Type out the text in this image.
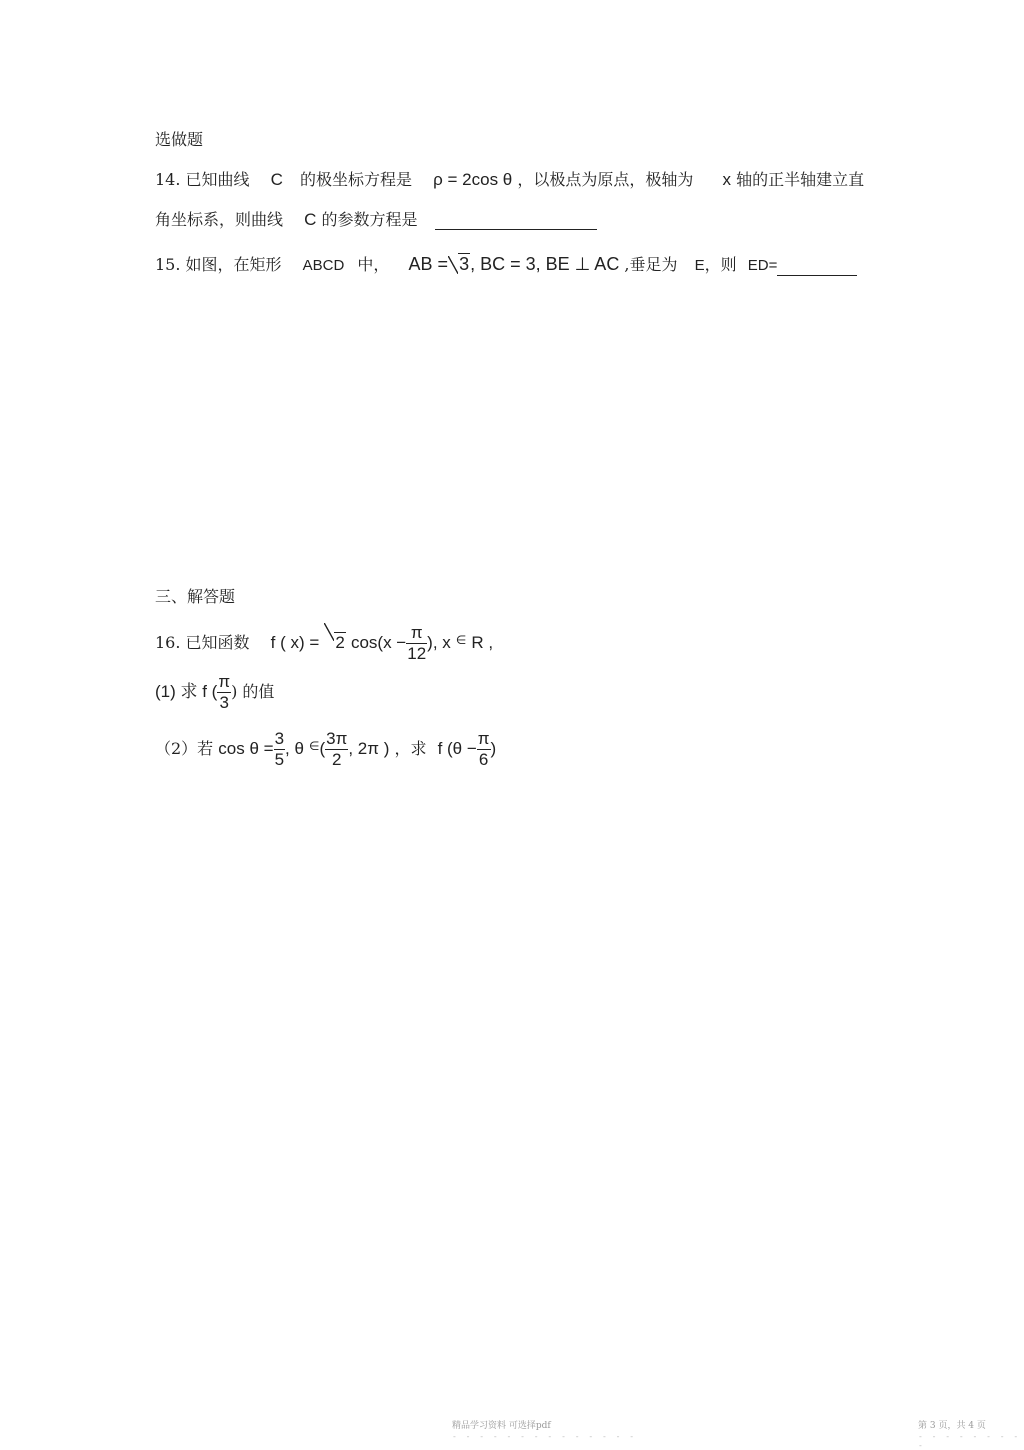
选做题
14. 已知曲线 C 的极坐标方程是 ρ = 2cos θ ，以极点为原点，极轴为 x 轴的正半轴建立直
角坐标系，则曲线 C 的参数方程是
15. 如图，在矩形 ABCD 中， AB = 3, BC = 3, BE ⊥ AC ,垂足为 E，则 ED=
三、解答题
16. 已知函数 f ( x) = 2 $\cos(x - \frac{\pi}{12}$ ), x ∈ R ,
(1) 求 f ( $\frac{\pi}{3}$ ) 的值
（2）若 $\cos \theta = \frac{3}{5}$ , θ $^\in( \frac{3\pi}{2}$ , 2π ) ，求 f ($\theta - \frac{\pi}{6}$ )
精品学习资料 可选择pdf	第 3 页，共 4 页
- - - - - - - - - - - - - -	- - - - - - - - -
